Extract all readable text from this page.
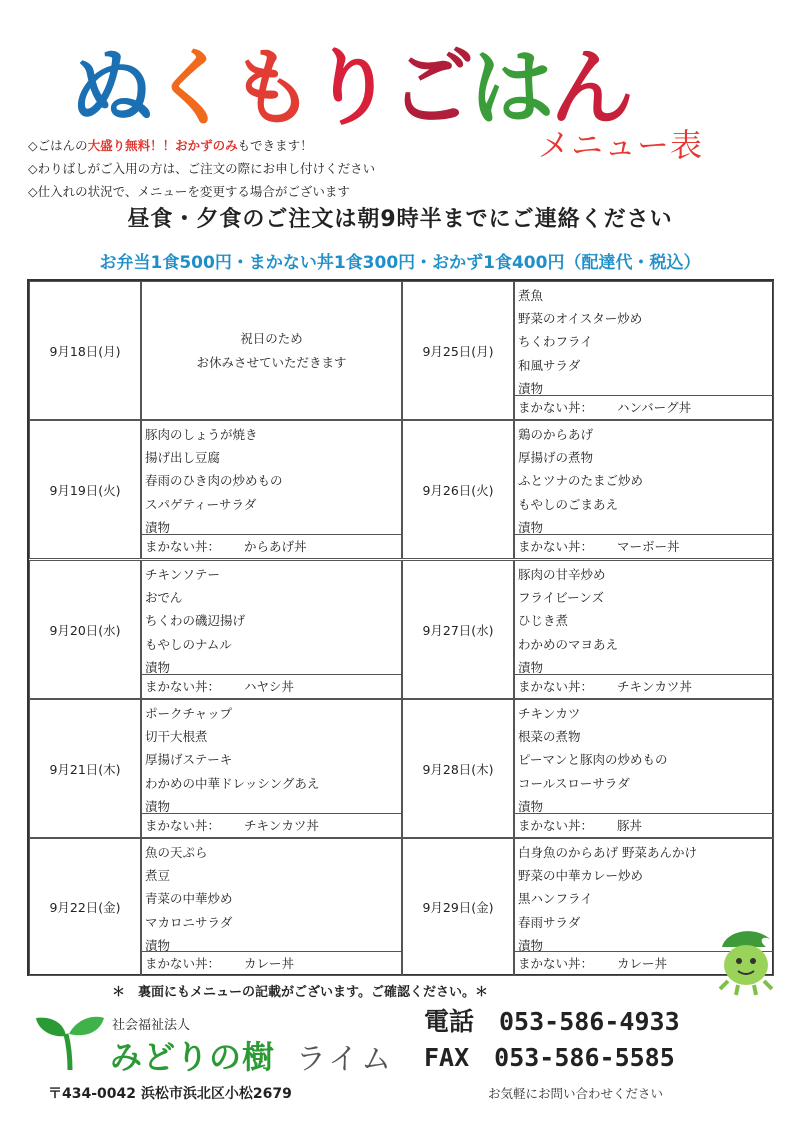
ぬ く も り ご は ん
メニュー表
◇ごはんの大盛り無料！！おかずのみもできます！
◇わりばしがご入用の方は、ご注文の際にお申し付けください
◇仕入れの状況で、メニューを変更する場合がございます
昼食・夕食のご注文は朝9時半までにご連絡ください
お弁当1食500円・まかない丼1食300円・おかず1食400円（配達代・税込）
9月18日(月)
祝日のため
お休みさせていただきます
9月19日(火)
豚肉のしょうが焼き
揚げ出し豆腐
春雨のひき肉の炒めもの
スパゲティーサラダ
漬物
まかない丼： からあげ丼
9月20日(水)
チキンソテー
おでん
ちくわの磯辺揚げ
もやしのナムル
漬物
まかない丼： ハヤシ丼
9月21日(木)
ポークチャップ
切干大根煮
厚揚げステーキ
わかめの中華ドレッシングあえ
漬物
まかない丼： チキンカツ丼
9月22日(金)
魚の天ぷら
煮豆
青菜の中華炒め
マカロニサラダ
漬物
まかない丼： カレー丼
9月25日(月)
煮魚
野菜のオイスター炒め
ちくわフライ
和風サラダ
漬物
まかない丼： ハンバーグ丼
9月26日(火)
鶏のからあげ
厚揚げの煮物
ふとツナのたまご炒め
もやしのごまあえ
漬物
まかない丼： マーボー丼
9月27日(水)
豚肉の甘辛炒め
フライビーンズ
ひじき煮
わかめのマヨあえ
漬物
まかない丼： チキンカツ丼
9月28日(木)
チキンカツ
根菜の煮物
ピーマンと豚肉の炒めもの
コールスローサラダ
漬物
まかない丼： 豚丼
9月29日(金)
白身魚のからあげ 野菜あんかけ
野菜の中華カレー炒め
黒ハンフライ
春雨サラダ
漬物
まかない丼： カレー丼
＊　裏面にもメニューの記載がございます。ご確認ください。＊
社会福祉法人
みどりの樹 ライム
〒434-0042 浜松市浜北区小松2679
電話　053-586-4933
FAX　053-586-5585
お気軽にお問い合わせください
